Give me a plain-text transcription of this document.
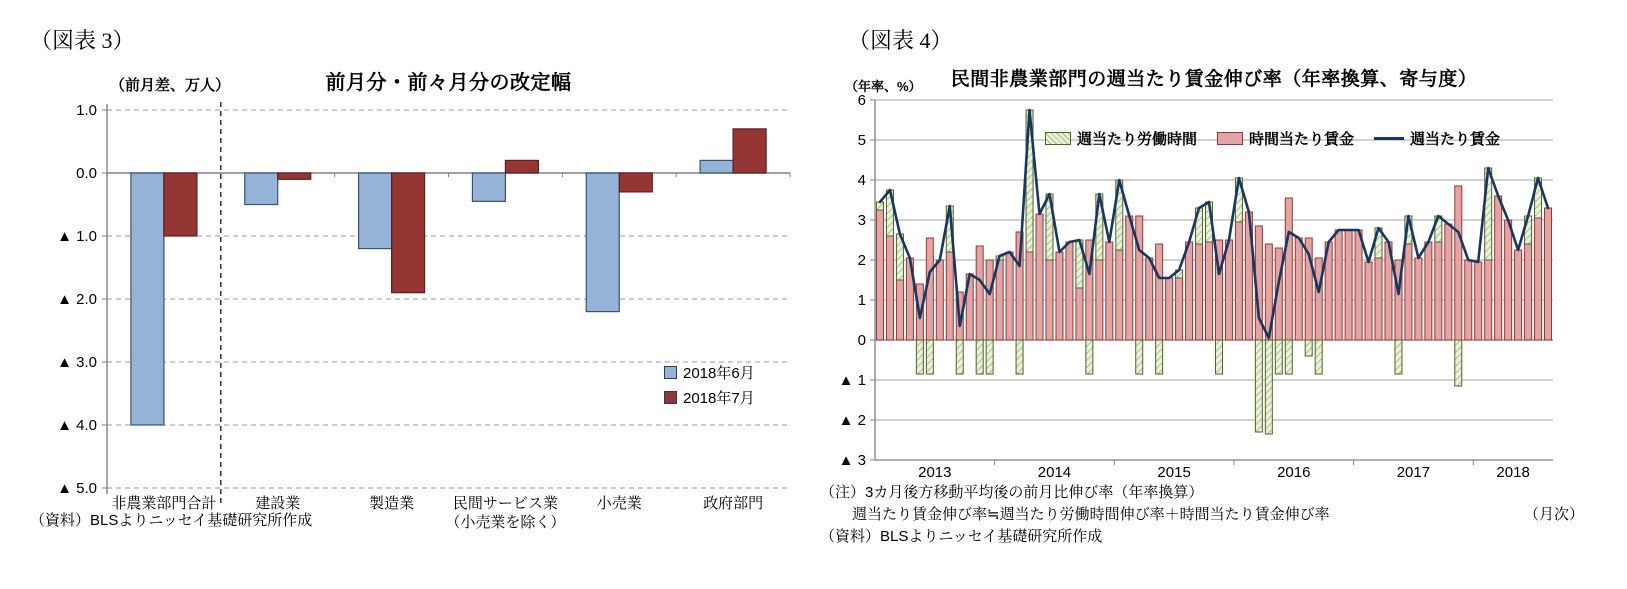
（図表 3）
前月分・前々月分の改定幅
（前月差、万人）
1.0
0.0
▲ 1.0
▲ 2.0
▲ 3.0
▲ 4.0
▲ 5.0
非農業部門合計	建設業	製造業	民間サービス業
（小売業を除く）
小売業	政府部門
2018年6月
2018年7月
（資料）BLSよりニッセイ基礎研究所作成
（図表 4）
（年率、%）	民間非農業部門の週当たり賃金伸び率（年率換算、寄与度）
6
5
4
3
2
1
0
▲ 1
▲ 2
▲ 3
2013	2014	2015	2016	2017	2018
週当たり労働時間	時間当たり賃金	週当たり賃金
（注）3カ月後方移動平均後の前月比伸び率（年率換算）
週当たり賃金伸び率≒週当たり労働時間伸び率＋時間当たり賃金伸び率
（資料）BLSよりニッセイ基礎研究所作成
（月次）
